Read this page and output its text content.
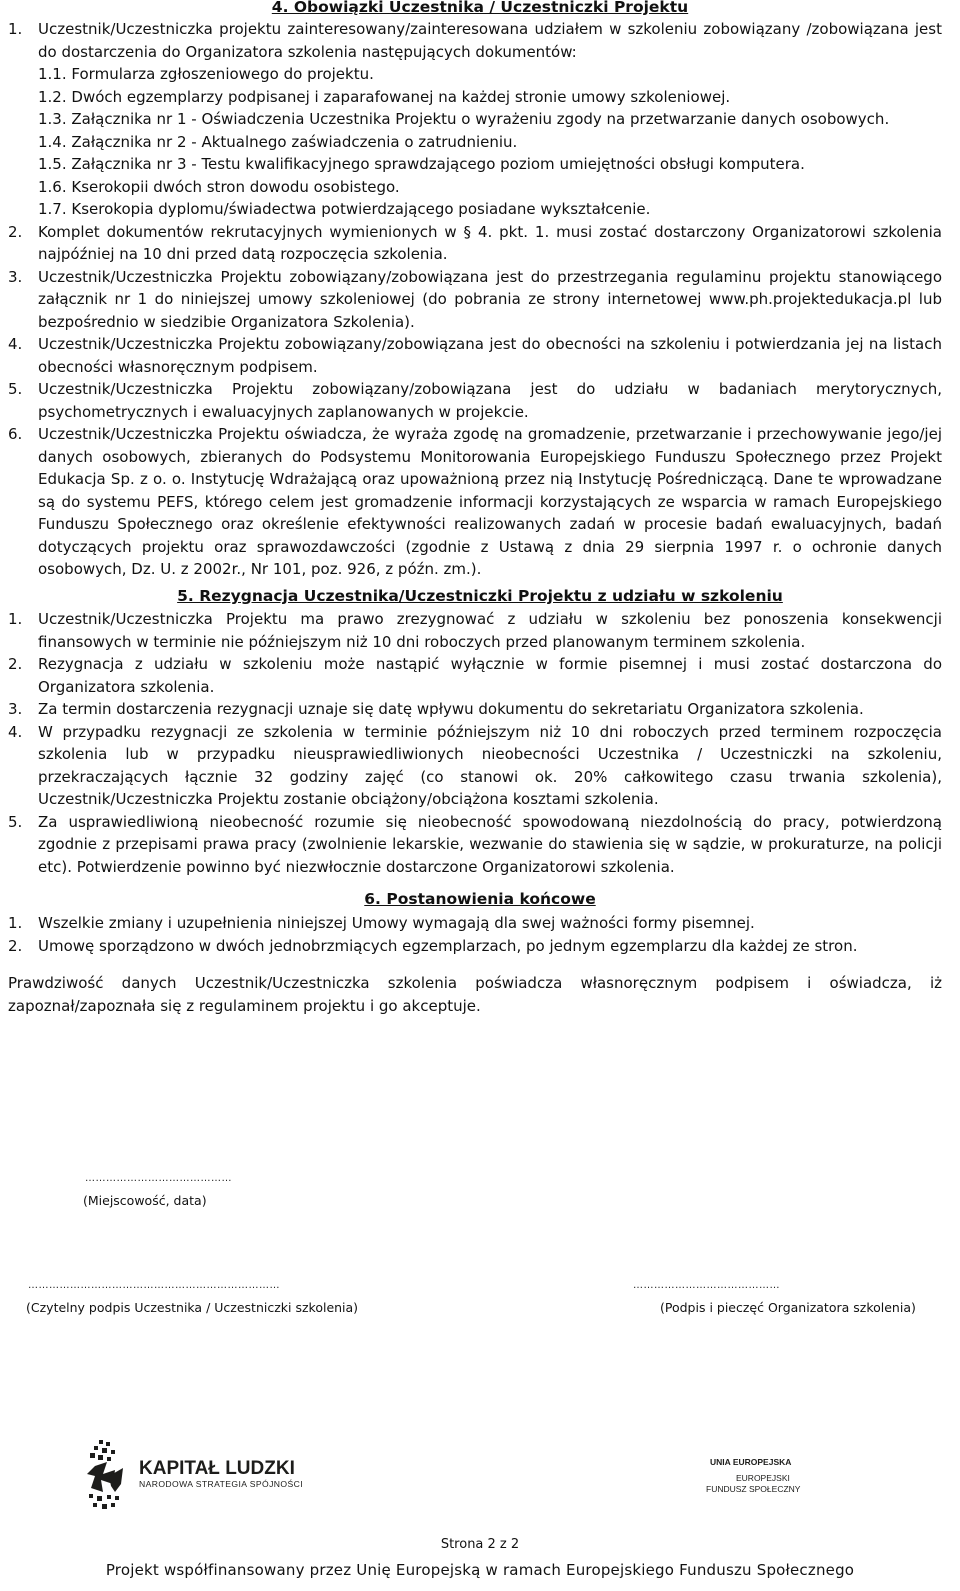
4. Obowiązki Uczestnika / Uczestniczki Projektu
1. Uczestnik/Uczestniczka projektu zainteresowany/zainteresowana udziałem w szkoleniu zobowiązany /zobowiązana jest do dostarczenia do Organizatora szkolenia następujących dokumentów:
1.1. Formularza zgłoszeniowego do projektu.
1.2. Dwóch egzemplarzy podpisanej i zaparafowanej na każdej stronie umowy szkoleniowej.
1.3. Załącznika nr 1 - Oświadczenia Uczestnika Projektu o wyrażeniu zgody na przetwarzanie danych osobowych.
1.4. Załącznika nr 2 - Aktualnego zaświadczenia o zatrudnieniu.
1.5. Załącznika nr 3 - Testu kwalifikacyjnego sprawdzającego poziom umiejętności obsługi komputera.
1.6. Kserokopii dwóch stron dowodu osobistego.
1.7. Kserokopia dyplomu/świadectwa potwierdzającego posiadane wykształcenie.
2. Komplet dokumentów rekrutacyjnych wymienionych w § 4. pkt. 1. musi zostać dostarczony Organizatorowi szkolenia najpóźniej na 10 dni przed datą rozpoczęcia szkolenia.
3. Uczestnik/Uczestniczka Projektu zobowiązany/zobowiązana jest do przestrzegania regulaminu projektu stanowiącego załącznik nr 1 do niniejszej umowy szkoleniowej (do pobrania ze strony internetowej www.ph.projektedukacja.pl lub bezpośrednio w siedzibie Organizatora Szkolenia).
4. Uczestnik/Uczestniczka Projektu zobowiązany/zobowiązana jest do obecności na szkoleniu i potwierdzania jej na listach obecności własnoręcznym podpisem.
5. Uczestnik/Uczestniczka Projektu zobowiązany/zobowiązana jest do udziału w badaniach merytorycznych, psychometrycznych i ewaluacyjnych zaplanowanych w projekcie.
6. Uczestnik/Uczestniczka Projektu oświadcza, że wyraża zgodę na gromadzenie, przetwarzanie i przechowywanie jego/jej danych osobowych, zbieranych do Podsystemu Monitorowania Europejskiego Funduszu Społecznego przez Projekt Edukacja Sp. z o. o. Instytucję Wdrażającą oraz upoważnioną przez nią Instytucję Pośredniczącą. Dane te wprowadzane są do systemu PEFS, którego celem jest gromadzenie informacji korzystających ze wsparcia w ramach Europejskiego Funduszu Społecznego oraz określenie efektywności realizowanych zadań w procesie badań ewaluacyjnych, badań dotyczących projektu oraz sprawozdawczości (zgodnie z Ustawą z dnia 29 sierpnia 1997 r. o ochronie danych osobowych, Dz. U. z 2002r., Nr 101, poz. 926, z późn. zm.).
5. Rezygnacja Uczestnika/Uczestniczki Projektu z udziału w szkoleniu
1. Uczestnik/Uczestniczka Projektu ma prawo zrezygnować z udziału w szkoleniu bez ponoszenia konsekwencji finansowych w terminie nie późniejszym niż 10 dni roboczych przed planowanym terminem szkolenia.
2. Rezygnacja z udziału w szkoleniu może nastąpić wyłącznie w formie pisemnej i musi zostać dostarczona do Organizatora szkolenia.
3. Za termin dostarczenia rezygnacji uznaje się datę wpływu dokumentu do sekretariatu Organizatora szkolenia.
4. W przypadku rezygnacji ze szkolenia w terminie późniejszym niż 10 dni roboczych przed terminem rozpoczęcia szkolenia lub w przypadku nieusprawiedliwionych nieobecności Uczestnika / Uczestniczki na szkoleniu, przekraczających łącznie 32 godziny zajęć (co stanowi ok. 20% całkowitego czasu trwania szkolenia), Uczestnik/Uczestniczka Projektu zostanie obciążony/obciążona kosztami szkolenia.
5. Za usprawiedliwioną nieobecność rozumie się nieobecność spowodowaną niezdolnością do pracy, potwierdzoną zgodnie z przepisami prawa pracy (zwolnienie lekarskie, wezwanie do stawienia się w sądzie, w prokuraturze, na policji etc). Potwierdzenie powinno być niezwłocznie dostarczone Organizatorowi szkolenia.
6. Postanowienia końcowe
1. Wszelkie zmiany i uzupełnienia niniejszej Umowy wymagają dla swej ważności formy pisemnej.
2. Umowę sporządzono w dwóch jednobrzmiących egzemplarzach, po jednym egzemplarzu dla każdej ze stron.

Prawdziwość danych Uczestnik/Uczestniczka szkolenia poświadcza własnoręcznym podpisem i oświadcza, iż zapoznał/zapoznała się z regulaminem projektu i go akceptuje.

……………………………………
(Miejscowość, data)
………………………………………………………………
(Czytelny podpis Uczestnika / Uczestniczki szkolenia)
……………………………………
(Podpis i pieczęć Organizatora szkolenia)
KAPITAŁ LUDZKI
NARODOWA STRATEGIA SPÓJNOŚCI
UNIA EUROPEJSKA
EUROPEJSKI
FUNDUSZ SPOŁECZNY
Strona 2 z 2
Projekt współfinansowany przez Unię Europejską w ramach Europejskiego Funduszu Społecznego
